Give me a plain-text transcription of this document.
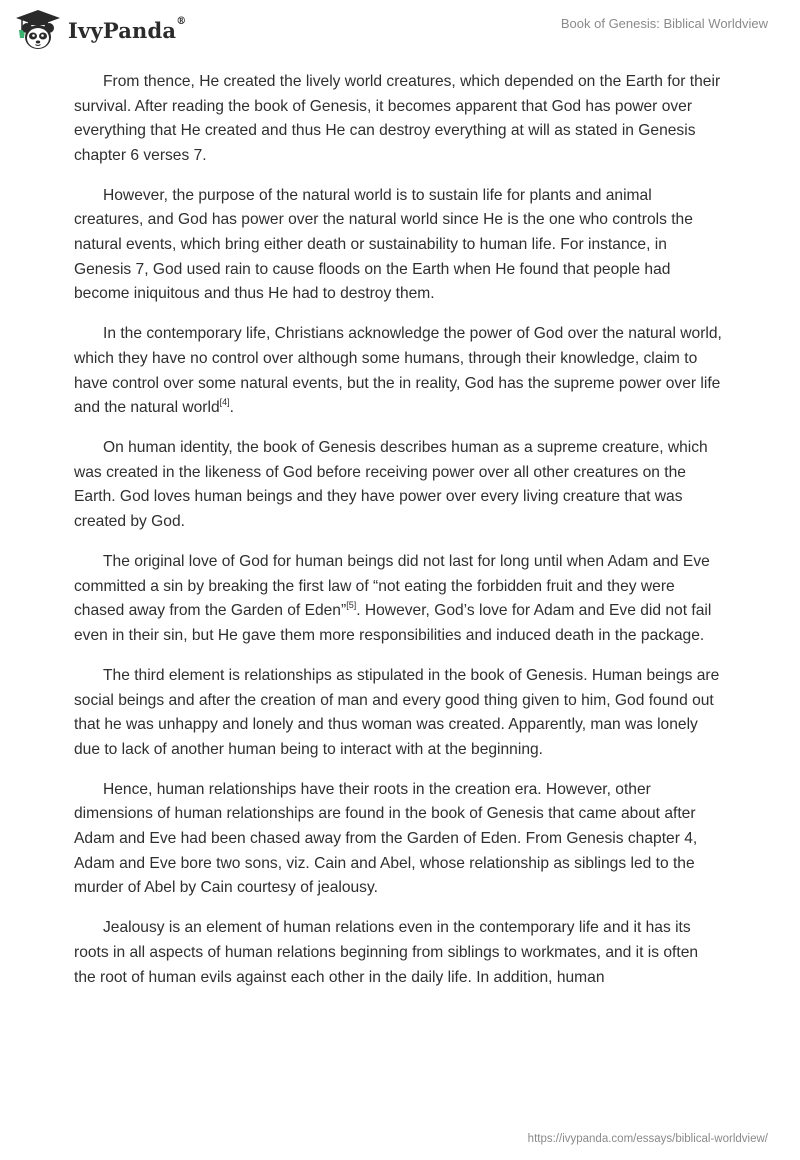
IvyPanda®	Book of Genesis: Biblical Worldview

From thence, He created the lively world creatures, which depended on the Earth for their survival. After reading the book of Genesis, it becomes apparent that God has power over everything that He created and thus He can destroy everything at will as stated in Genesis chapter 6 verses 7.

However, the purpose of the natural world is to sustain life for plants and animal creatures, and God has power over the natural world since He is the one who controls the natural events, which bring either death or sustainability to human life. For instance, in Genesis 7, God used rain to cause floods on the Earth when He found that people had become iniquitous and thus He had to destroy them.

In the contemporary life, Christians acknowledge the power of God over the natural world, which they have no control over although some humans, through their knowledge, claim to have control over some natural events, but the in reality, God has the supreme power over life and the natural world[4].

On human identity, the book of Genesis describes human as a supreme creature, which was created in the likeness of God before receiving power over all other creatures on the Earth. God loves human beings and they have power over every living creature that was created by God.

The original love of God for human beings did not last for long until when Adam and Eve committed a sin by breaking the first law of “not eating the forbidden fruit and they were chased away from the Garden of Eden”[5]. However, God’s love for Adam and Eve did not fail even in their sin, but He gave them more responsibilities and induced death in the package.

The third element is relationships as stipulated in the book of Genesis. Human beings are social beings and after the creation of man and every good thing given to him, God found out that he was unhappy and lonely and thus woman was created. Apparently, man was lonely due to lack of another human being to interact with at the beginning.

Hence, human relationships have their roots in the creation era. However, other dimensions of human relationships are found in the book of Genesis that came about after Adam and Eve had been chased away from the Garden of Eden. From Genesis chapter 4, Adam and Eve bore two sons, viz. Cain and Abel, whose relationship as siblings led to the murder of Abel by Cain courtesy of jealousy.

Jealousy is an element of human relations even in the contemporary life and it has its roots in all aspects of human relations beginning from siblings to workmates, and it is often the root of human evils against each other in the daily life. In addition, human

https://ivypanda.com/essays/biblical-worldview/
